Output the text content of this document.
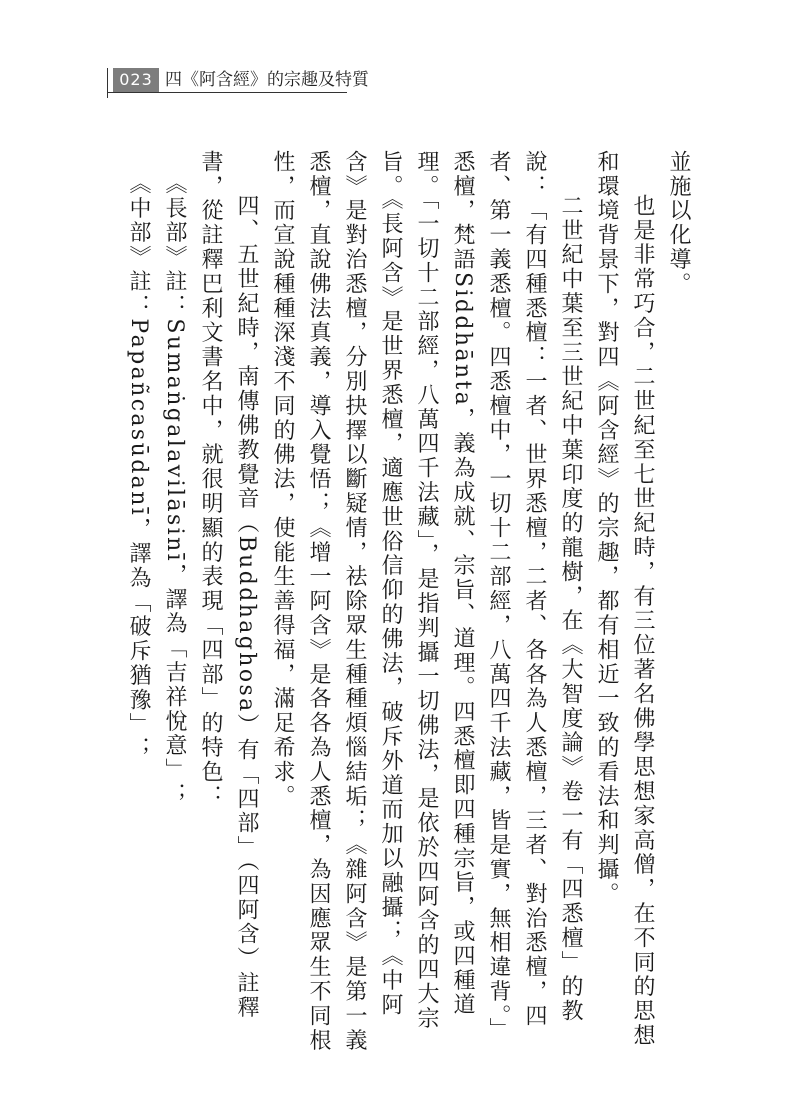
023 四《阿含經》的宗趣及特質

並施以化導。

也是非常巧合，二世紀至七世紀時，有三位著名佛學思想家高僧，在不同的思想和環境背景下，對四《阿含經》的宗趣，都有相近一致的看法和判攝。

二世紀中葉至三世紀中葉印度的龍樹，在《大智度論》卷一有「四悉檀」的教說：「有四種悉檀：一者、世界悉檀，二者、各各為人悉檀，三者、對治悉檀，四者、第一義悉檀。四悉檀中，一切十二部經，八萬四千法藏，皆是實，無相違背。」悉檀，梵語Siddhānta，義為成就、宗旨、道理。四悉檀即四種宗旨，或四種道理。「一切十二部經，八萬四千法藏」，是指判攝一切佛法，是依於四阿含的四大宗旨。《長阿含》是世界悉檀，適應世俗信仰的佛法，破斥外道而加以融攝；《中阿含》是對治悉檀，分別抉擇以斷疑情，祛除眾生種種煩惱結垢；《雜阿含》是第一義悉檀，直說佛法真義，導入覺悟；《增一阿含》是各各為人悉檀，為因應眾生不同根性，而宣說種種深淺不同的佛法，使能生善得福，滿足希求。

四、五世紀時，南傳佛教覺音（Buddhaghosa）有「四部」（四阿含）註釋書，從註釋巴利文書名中，就很明顯的表現「四部」的特色：

《長部》註：Sumaṅgalavilāsinī，譯為「吉祥悅意」；

《中部》註：Papañcasūdanī，譯為「破斥猶豫」；
